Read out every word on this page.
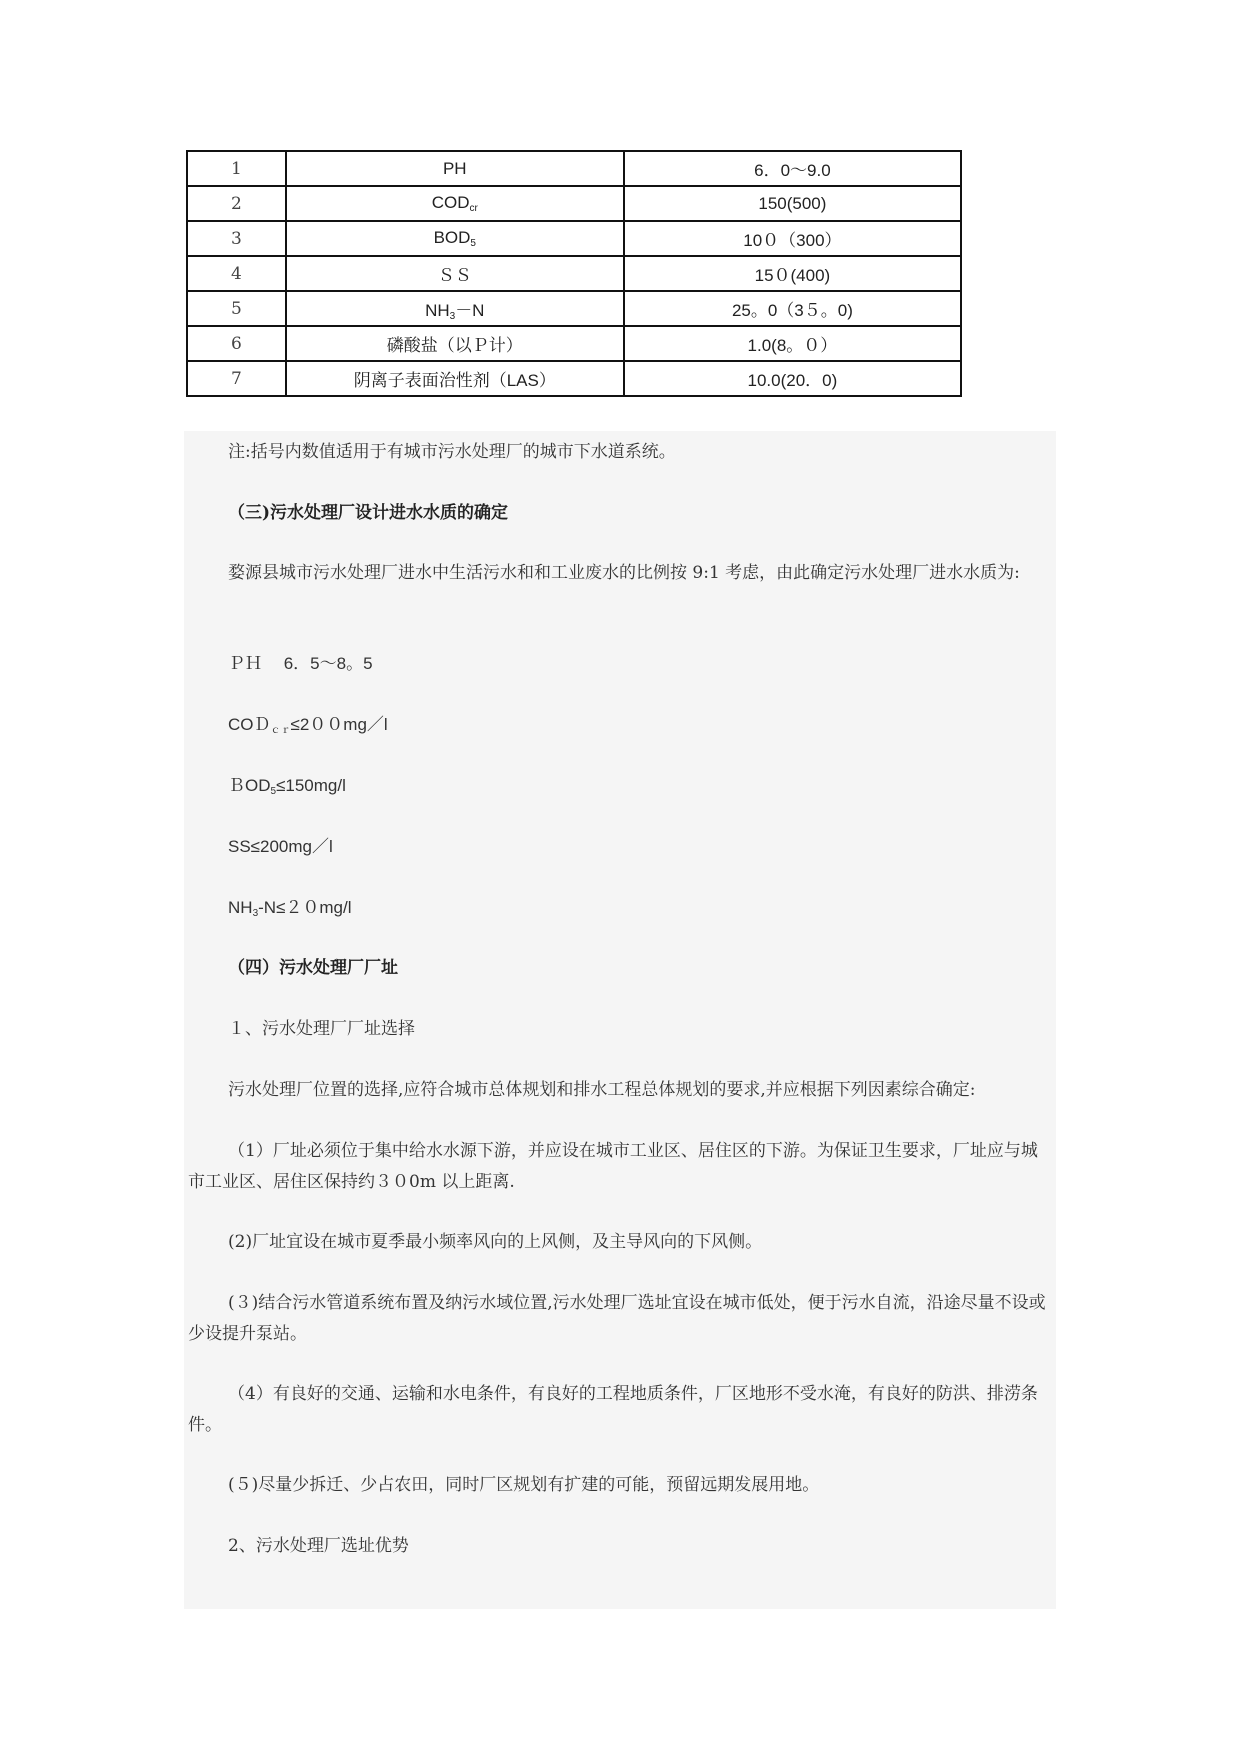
1	PH	6．0～9.0
2	$COD_{cr}$	150(500)
3	$BOD_5$	10０（300）
4	ＳＳ	15０(400)
5	$NH_3-N$	25。0（3５。0)
6	磷酸盐（以Ｐ计）	1.0(8。０）
7	阴离子表面治性剂（LAS）	10.0(20．0)
注:括号内数值适用于有城市污水处理厂的城市下水道系统。
（三)污水处理厂设计进水水质的确定
婺源县城市污水处理厂进水中生活污水和和工业废水的比例按 9:1 考虑，由此确定污水处理厂进水水质为:
ＰＨ　 6．5～8。5
COＤ$_{cr}$≤2００mg／l
ＢOD$_5$≤150mg/l
SS≤200mg／l
$NH_3-N\le 20mg/l$
（四）污水处理厂厂址
１、污水处理厂厂址选择
污水处理厂位置的选择,应符合城市总体规划和排水工程总体规划的要求,并应根据下列因素综合确定:
（1）厂址必须位于集中给水水源下游，并应设在城市工业区、居住区的下游。为保证卫生要求，厂址应与城市工业区、居住区保持约３０0m 以上距离.
(2)厂址宜设在城市夏季最小频率风向的上风侧，及主导风向的下风侧。
(３)结合污水管道系统布置及纳污水域位置,污水处理厂选址宜设在城市低处，便于污水自流，沿途尽量不设或少设提升泵站。
（4）有良好的交通、运输和水电条件，有良好的工程地质条件，厂区地形不受水淹，有良好的防洪、排涝条件。
(５)尽量少拆迁、少占农田，同时厂区规划有扩建的可能，预留远期发展用地。
2、污水处理厂选址优势
